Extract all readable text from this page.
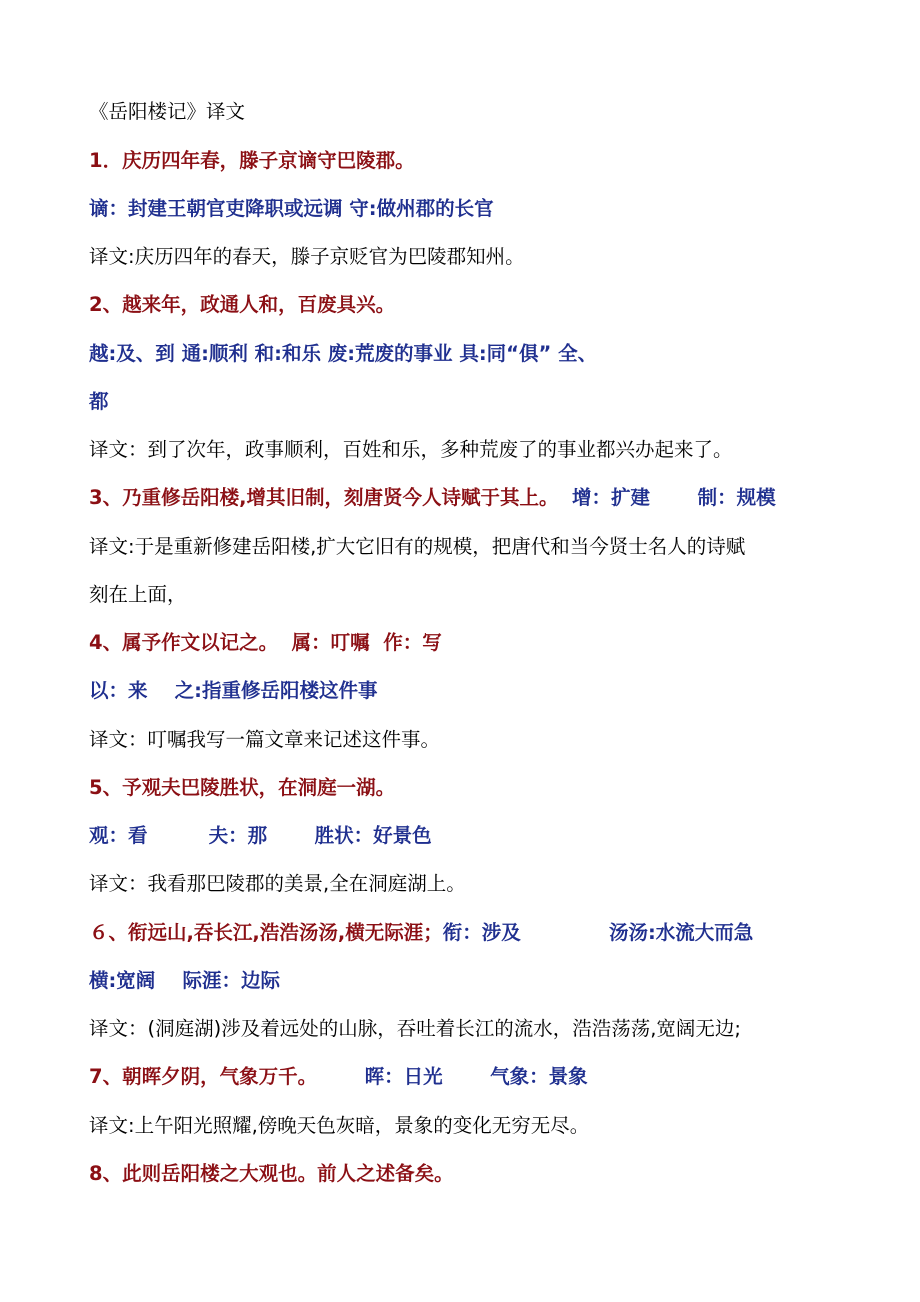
《岳阳楼记》译文
1．庆历四年春，滕子京谪守巴陵郡。
谪：封建王朝官吏降职或远调 守:做州郡的长官
译文:庆历四年的春天，滕子京贬官为巴陵郡知州。
2、越来年，政通人和，百废具兴。
越:及、到 通:顺利 和:和乐 废:荒废的事业 具:同“俱” 全、
都
译文：到了次年，政事顺利，百姓和乐，多种荒废了的事业都兴办起来了。
3、乃重修岳阳楼,增其旧制，刻唐贤今人诗赋于其上。  增：扩建       制：规模
译文:于是重新修建岳阳楼,扩大它旧有的规模，把唐代和当今贤士名人的诗赋
刻在上面，
4、属予作文以记之。  属：叮嘱  作：写
以：来    之:指重修岳阳楼这件事
译文：叮嘱我写一篇文章来记述这件事。
5、予观夫巴陵胜状，在洞庭一湖。
观：看         夫：那       胜状：好景色
译文：我看那巴陵郡的美景,全在洞庭湖上。
６、衔远山,吞长江,浩浩汤汤,横无际涯；衔：涉及             汤汤:水流大而急
横:宽阔    际涯：边际
译文：(洞庭湖)涉及着远处的山脉，吞吐着长江的流水，浩浩荡荡,宽阔无边;
7、朝晖夕阴，气象万千。       晖：日光       气象：景象
译文:上午阳光照耀,傍晚天色灰暗，景象的变化无穷无尽。
8、此则岳阳楼之大观也。前人之述备矣。
